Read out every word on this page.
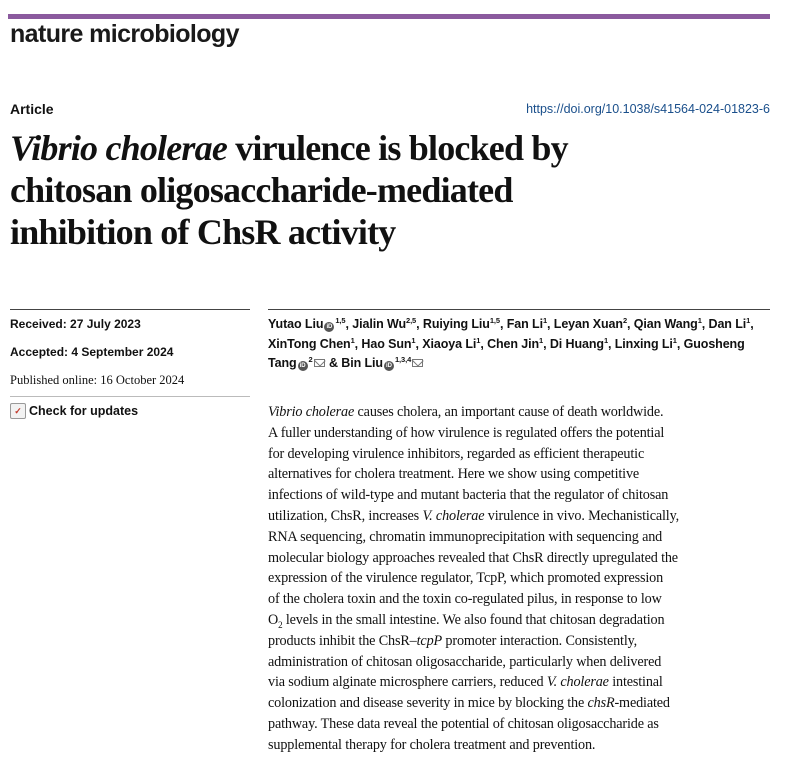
nature microbiology
Article	https://doi.org/10.1038/s41564-024-01823-6
Vibrio cholerae virulence is blocked by
chitosan oligosaccharide-mediated
inhibition of ChsR activity
Received: 27 July 2023
Accepted: 4 September 2024
Published online: 16 October 2024
✓ Check for updates
Yutao Liu iD$^{1,5}$, Jialin Wu$^{2,5}$, Ruiying Liu$^{1,5}$, Fan Li$^1$, Leyan Xuan$^2$, Qian Wang$^1$, Dan Li$^1$, XinTong Chen$^1$, Hao Sun$^1$, Xiaoya Li$^1$, Chen Jin$^1$, Di Huang$^1$, Linxing Li$^1$, Guosheng Tang $iD^2$ & Bin Liu iD$^{1,3,4}$

Vibrio cholerae causes cholera, an important cause of death worldwide.
A fuller understanding of how virulence is regulated offers the potential
for developing virulence inhibitors, regarded as efficient therapeutic
alternatives for cholera treatment. Here we show using competitive
infections of wild-type and mutant bacteria that the regulator of chitosan
utilization, ChsR, increases V. cholerae virulence in vivo. Mechanistically,
RNA sequencing, chromatin immunoprecipitation with sequencing and
molecular biology approaches revealed that ChsR directly upregulated the
expression of the virulence regulator, TcpP, which promoted expression
of the cholera toxin and the toxin co-regulated pilus, in response to low
$O_2$ levels in the small intestine. We also found that chitosan degradation
products inhibit the ChsR–tcpP promoter interaction. Consistently,
administration of chitosan oligosaccharide, particularly when delivered
via sodium alginate microsphere carriers, reduced V. cholerae intestinal
colonization and disease severity in mice by blocking the chsR-mediated
pathway. These data reveal the potential of chitosan oligosaccharide as
supplemental therapy for cholera treatment and prevention.
